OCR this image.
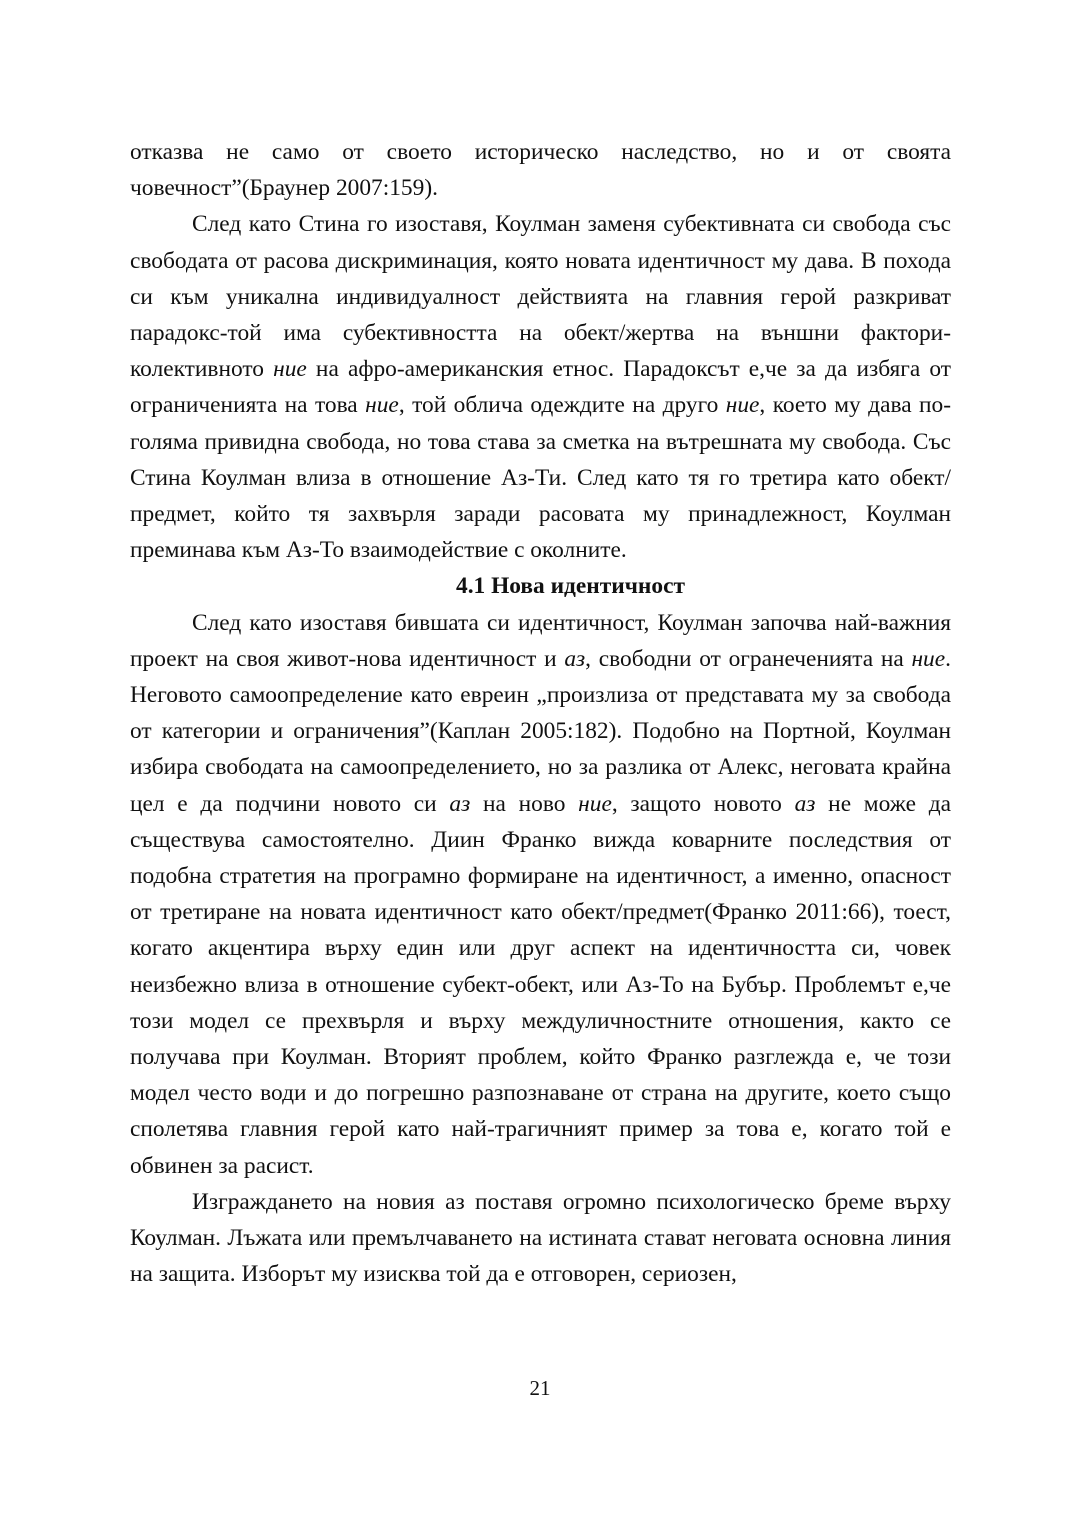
отказва не само от своето историческо наследство, но и от своята човечност”(Браунер 2007:159).

След като Стина го изоставя, Коулман заменя субективната си свобода със свободата от расова дискриминация, която новата идентичност му дава. В похода си към уникална индивидуалност действията на главния герой разкриват парадокс-той има субективността на обект/жертва на външни фактори-колективното ние на афро-американския етнос. Парадоксът е,че за да избяга от ограниченията на това ние, той облича одеждите на друго ние, което му дава по-голяма привидна свобода, но това става за сметка на вътрешната му свобода. Със Стина Коулман влиза в отношение Аз-Ти. След като тя го третира като обект/предмет, който тя захвърля заради расовата му принадлежност, Коулман преминава към Аз-То взаимодействие с околните.

4.1 Нова идентичност

След като изоставя бившата си идентичност, Коулман започва най-важния проект на своя живот-нова идентичност и аз, свободни от огранеченията на ние. Неговото самоопределение като евреин „произлиза от представата му за свобода от категории и ограничения”(Каплан 2005:182). Подобно на Портной, Коулман избира свободата на самоопределението, но за разлика от Алекс, неговата крайна цел е да подчини новото си аз на ново ние, защото новото аз не може да съществува самостоятелно. Диин Франко вижда коварните последствия от подобна стратетия на програмно формиране на идентичност, а именно, опасност от третиране на новата идентичност като обект/предмет(Франко 2011:66), тоест, когато акцентира върху един или друг аспект на идентичността си, човек неизбежно влиза в отношение субект-обект, или Аз-То на Бубър. Проблемът е,че този модел се прехвърля и върху междуличностните отношения, както се получава при Коулман. Вторият проблем, който Франко разглежда е, че този модел често води и до погрешно разпознаване от страна на другите, което също сполетява главния герой като най-трагичният пример за това е, когато той е обвинен за расист.

Изграждането на новия аз поставя огромно психологическо бреме върху Коулман. Лъжата или премълчаването на истината стават неговата основна линия на защита. Изборът му изисква той да е отговорен, сериозен,

21
